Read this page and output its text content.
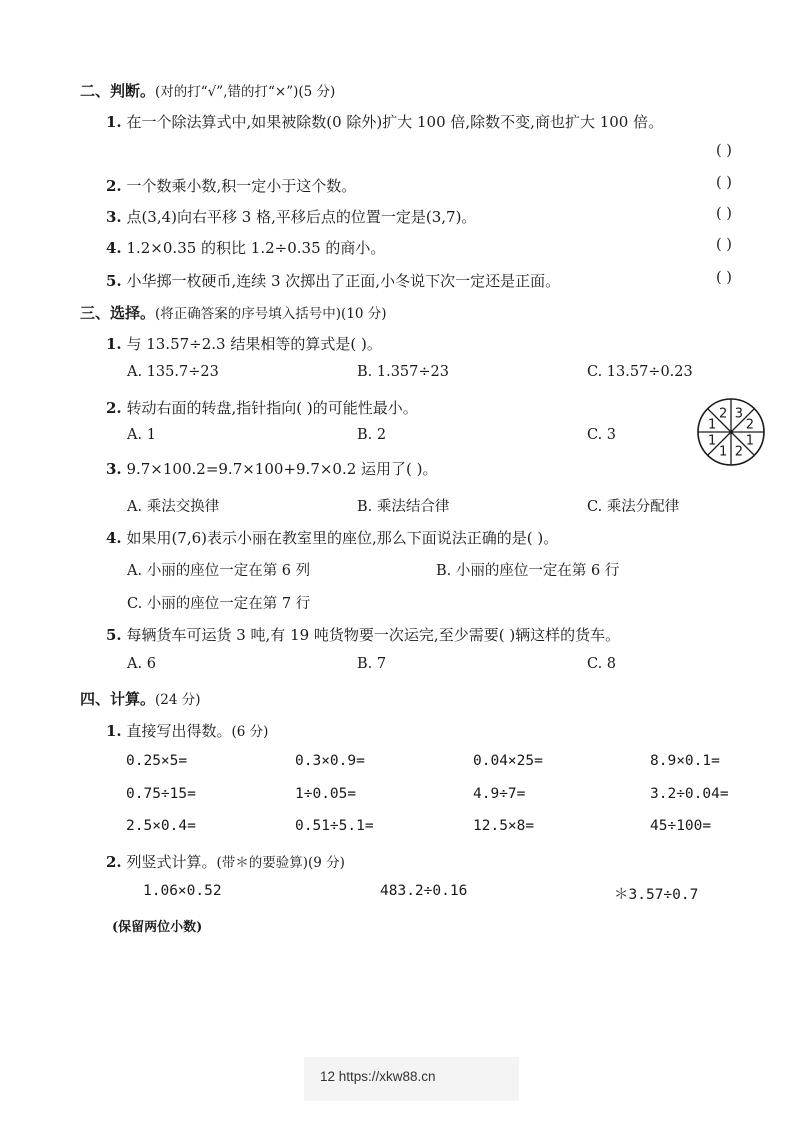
二、判断。(对的打“√”,错的打“×”)(5 分)
1. 在一个除法算式中,如果被除数(0 除外)扩大 100 倍,除数不变,商也扩大 100 倍。
( )
2. 一个数乘小数,积一定小于这个数。	( )
3. 点(3,4)向右平移 3 格,平移后点的位置一定是(3,7)。	( )
4. 1.2×0.35 的积比 1.2÷0.35 的商小。	( )
5. 小华掷一枚硬币,连续 3 次掷出了正面,小冬说下次一定还是正面。	( )
三、选择。(将正确答案的序号填入括号中)(10 分)
1. 与 13.57÷2.3 结果相等的算式是( )。
A. 135.7÷23	B. 1.357÷23	C. 13.57÷0.23
2. 转动右面的转盘,指针指向( )的可能性最小。
A. 1	B. 2	C. 3
3
2
1
2
1
1
1
2
3. 9.7×100.2=9.7×100+9.7×0.2 运用了( )。
A. 乘法交换律	B. 乘法结合律	C. 乘法分配律
4. 如果用(7,6)表示小丽在教室里的座位,那么下面说法正确的是( )。
A. 小丽的座位一定在第 6 列	B. 小丽的座位一定在第 6 行
C. 小丽的座位一定在第 7 行
5. 每辆货车可运货 3 吨,有 19 吨货物要一次运完,至少需要( )辆这样的货车。
A. 6	B. 7	C. 8
四、计算。(24 分)
1. 直接写出得数。(6 分)
0.25×5=	0.3×0.9=	0.04×25=	8.9×0.1=
0.75÷15=	1÷0.05=	4.9÷7=	3.2÷0.04=
2.5×0.4=	0.51÷5.1=	12.5×8=	45÷100=
2. 列竖式计算。(带＊的要验算)(9 分)
1.06×0.52	483.2÷0.16	＊3.57÷0.7
(保留两位小数)
12 https://xkw88.cn
